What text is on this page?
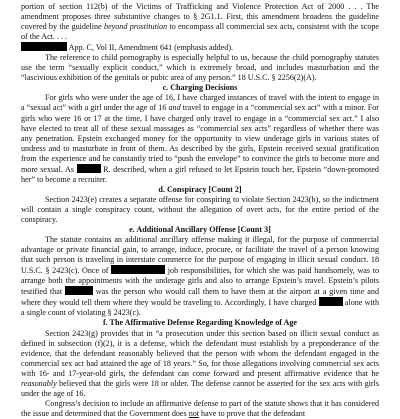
portion of section 112(b) of the Victims of Trafficking and Violence Protection Act of 2000 . . . The amendment proposes three substantive changes to § 2G1.1. First, this amendment broadens the guideline covered by the guideline beyond prostitution to encompass all commercial sex acts, consistent with the scope of the Act. . . .
App. C, Vol II, Amendment 641 (emphasis added).

The reference to child pornography is especially helpful to us, because the child pornography statutes use the term “sexually explicit conduct,” which is extremely broad, and includes masturbation and the “lascivious exhibition of the genitals or pubic area of any person.” 18 U.S.C. § 2256(2)(A).

c. Charging Decisions

For girls who were under the age of 16, I have charged instances of travel with the intent to engage in a “sexual act” with a girl under the age of 16 and travel to engage in a “commercial sex act” with a minor. For girls who were 16 or 17 at the time, I have charged only travel to engage in a “commercial sex act.” I also have elected to treat all of these sexual massages as “commercial sex acts” regardless of whether there was any penetration. Epstein exchanged money for the opportunity to view underage girls in various states of undress and to masturbate in front of them. As described by the girls, Epstein received sexual gratification from the experience and he constantly tried to “push the envelope” to convince the girls to become more and more sexual. As	R. described, when a girl refused to let Epstein touch her, Epstein “down-promoted her” to become a recruiter.

d. Conspiracy [Count 2]

Section 2423(e) creates a separate offense for conspiring to violate Section 2423(b), so the indictment will contain a single conspiracy count, without the allegation of overt acts, for the entire period of the conspiracy.

e. Additional Ancillary Offense [Count 3]

The statute contains an additional ancillary offense making it illegal, for the purpose of commercial advantage or private financial gain, to arrange, induce, procure, or facilitate the travel of a person knowing that such person is traveling in interstate commerce for the purpose of engaging in illicit sexual conduct. 18 U.S.C. § 2423(c). Once of	job responsibilities, for which she was paid handsomely, was to arrange both the appointments with the underage girls and also to arrange Epstein’s travel. Epstein’s pilots testified that	was the person who would call them to have them at the airport at a given time and where they would tell them where they would be traveling to. Accordingly, I have charged	alone with a single count of violating § 2423(c).

f. The Affirmative Defense Regarding Knowledge of Age

Section 2423(g) provides that in “a prosecution under this section based on illicit sexual conduct as defined in subsection (f)(2), it is a defense, which the defendant must establish by a preponderance of the evidence, that the defendant reasonably believed that the person with whom the defendant engaged in the commercial sex act had attained the age of 18 years.” So, for those allegations involving commercial sex acts with 16- and 17-year-old girls, the defendant can come forward and present affirmative evidence that he reasonably believed that the girls were 18 or older. The defense cannot be asserted for the sex acts with girls under the age of 16.

Congress’s decision to include an affirmative defense to part of the statute shows that it has considered the issue and determined that the Government does not have to prove that the defendant
